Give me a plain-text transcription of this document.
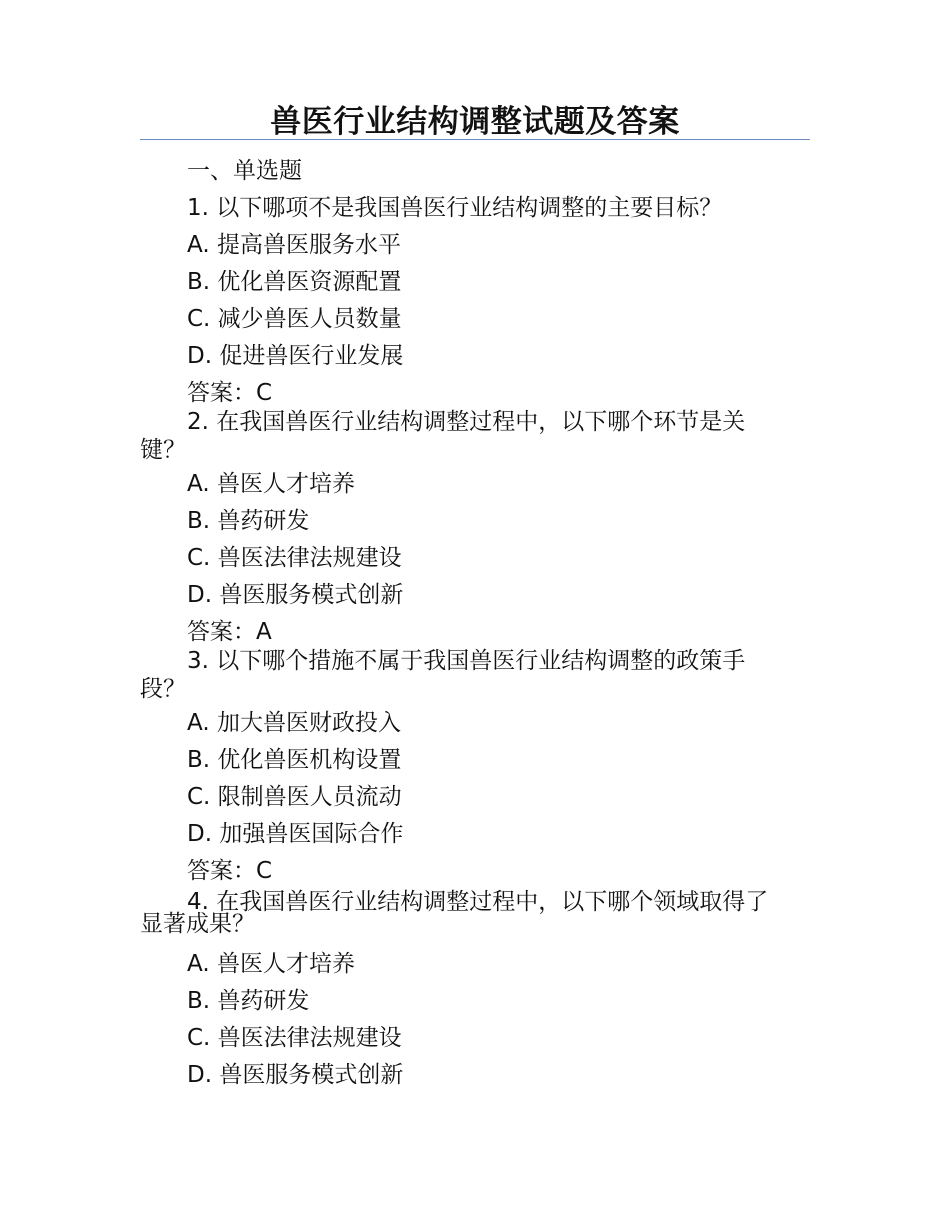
兽医行业结构调整试题及答案

一、单选题

1. 以下哪项不是我国兽医行业结构调整的主要目标？

A. 提高兽医服务水平

B. 优化兽医资源配置

C. 减少兽医人员数量

D. 促进兽医行业发展

答案：C

2. 在我国兽医行业结构调整过程中，以下哪个环节是关
键？

A. 兽医人才培养

B. 兽药研发

C. 兽医法律法规建设

D. 兽医服务模式创新

答案：A

3. 以下哪个措施不属于我国兽医行业结构调整的政策手
段？

A. 加大兽医财政投入

B. 优化兽医机构设置

C. 限制兽医人员流动

D. 加强兽医国际合作

答案：C

4. 在我国兽医行业结构调整过程中，以下哪个领域取得了
显著成果？

A. 兽医人才培养

B. 兽药研发

C. 兽医法律法规建设

D. 兽医服务模式创新
